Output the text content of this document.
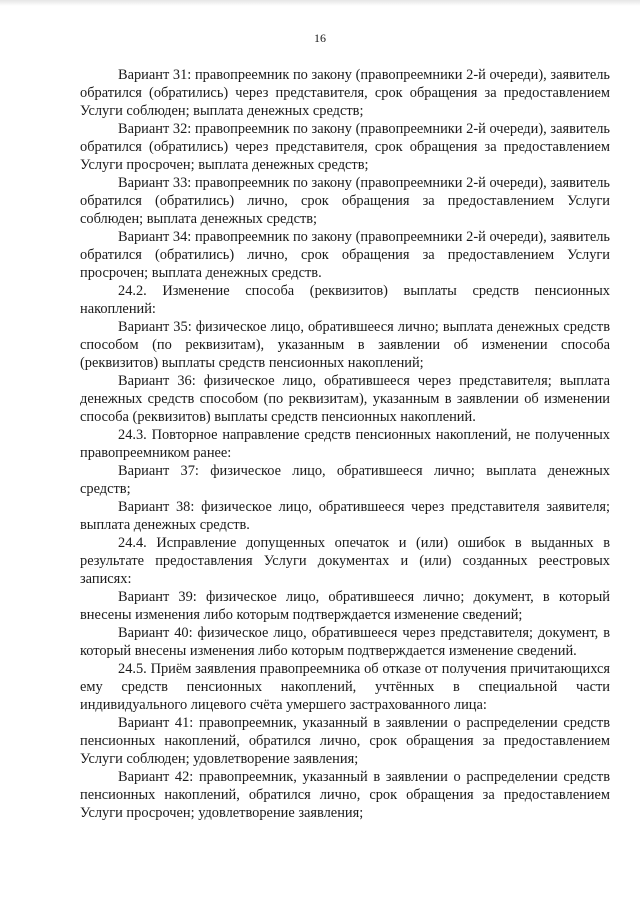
16

Вариант 31: правопреемник по закону (правопреемники 2-й очереди), заявитель обратился (обратились) через представителя, срок обращения за предоставлением Услуги соблюден; выплата денежных средств;

Вариант 32: правопреемник по закону (правопреемники 2-й очереди), заявитель обратился (обратились) через представителя, срок обращения за предоставлением Услуги просрочен; выплата денежных средств;

Вариант 33: правопреемник по закону (правопреемники 2-й очереди), заявитель обратился (обратились) лично, срок обращения за предоставлением Услуги соблюден; выплата денежных средств;

Вариант 34: правопреемник по закону (правопреемники 2-й очереди), заявитель обратился (обратились) лично, срок обращения за предоставлением Услуги просрочен; выплата денежных средств.

24.2. Изменение способа (реквизитов) выплаты средств пенсионных накоплений:

Вариант 35: физическое лицо, обратившееся лично; выплата денежных средств способом (по реквизитам), указанным в заявлении об изменении способа (реквизитов) выплаты средств пенсионных накоплений;

Вариант 36: физическое лицо, обратившееся через представителя; выплата денежных средств способом (по реквизитам), указанным в заявлении об изменении способа (реквизитов) выплаты средств пенсионных накоплений.

24.3. Повторное направление средств пенсионных накоплений, не полученных правопреемником ранее:

Вариант 37: физическое лицо, обратившееся лично; выплата денежных средств;

Вариант 38: физическое лицо, обратившееся через представителя заявителя; выплата денежных средств.

24.4. Исправление допущенных опечаток и (или) ошибок в выданных в результате предоставления Услуги документах и (или) созданных реестровых записях:

Вариант 39: физическое лицо, обратившееся лично; документ, в который внесены изменения либо которым подтверждается изменение сведений;

Вариант 40: физическое лицо, обратившееся через представителя; документ, в который внесены изменения либо которым подтверждается изменение сведений.

24.5. Приём заявления правопреемника об отказе от получения причитающихся ему средств пенсионных накоплений, учтённых в специальной части индивидуального лицевого счёта умершего застрахованного лица:

Вариант 41: правопреемник, указанный в заявлении о распределении средств пенсионных накоплений, обратился лично, срок обращения за предоставлением Услуги соблюден; удовлетворение заявления;

Вариант 42: правопреемник, указанный в заявлении о распределении средств пенсионных накоплений, обратился лично, срок обращения за предоставлением Услуги просрочен; удовлетворение заявления;
